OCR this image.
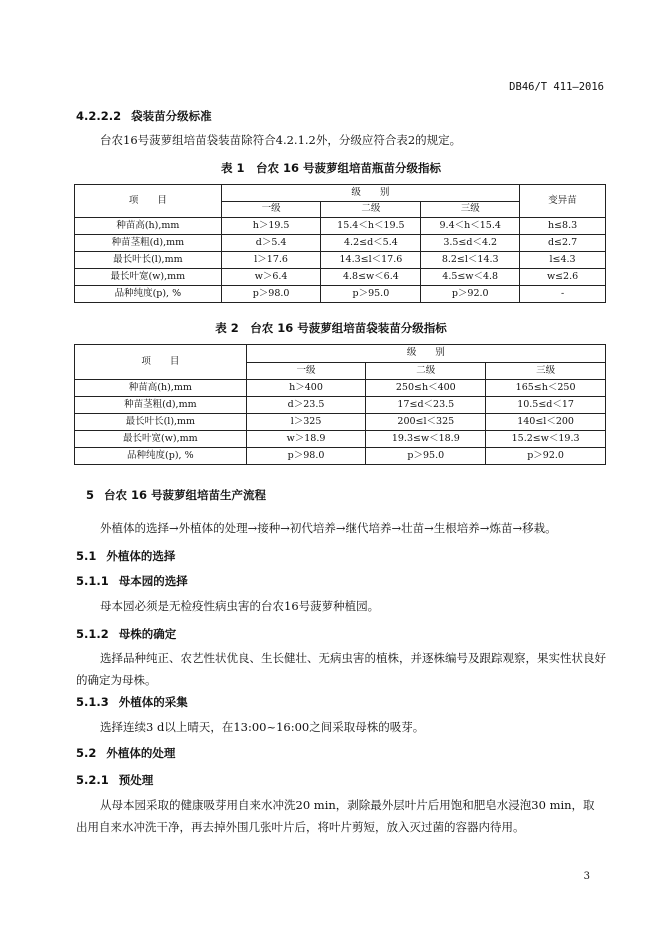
DB46/T 411—2016
4.2.2.2 袋装苗分级标准
台农16号菠萝组培苗袋装苗除符合4.2.1.2外，分级应符合表2的规定。
表 1　台农 16 号菠萝组培苗瓶苗分级指标
项　　目	级　　别			变异苗
	一级	二级	三级	
种苗高(h),mm	h＞19.5	15.4＜h＜19.5	9.4＜h＜15.4	h≤8.3
种苗茎粗(d),mm	d＞5.4	4.2≤d＜5.4	3.5≤d＜4.2	d≤2.7
最长叶长(l),mm	l＞17.6	14.3≤l＜17.6	8.2≤l＜14.3	l≤4.3
最长叶宽(w),mm	w＞6.4	4.8≤w＜6.4	4.5≤w＜4.8	w≤2.6
品种纯度(p), %	p＞98.0	p＞95.0	p＞92.0	-
表 2　台农 16 号菠萝组培苗袋装苗分级指标
项　　目	级　　别		
	一级	二级	三级
种苗高(h),mm	h＞400	250≤h＜400	165≤h＜250
种苗茎粗(d),mm	d＞23.5	17≤d＜23.5	10.5≤d＜17
最长叶长(l),mm	l＞325	200≤l＜325	140≤l＜200
最长叶宽(w),mm	w＞18.9	19.3≤w＜18.9	15.2≤w＜19.3
品种纯度(p), %	p＞98.0	p＞95.0	p＞92.0
5 台农 16 号菠萝组培苗生产流程
外植体的选择→外植体的处理→接种→初代培养→继代培养→壮苗→生根培养→炼苗→移栽。
5.1 外植体的选择
5.1.1 母本园的选择
母本园必须是无检疫性病虫害的台农16号菠萝种植园。
5.1.2 母株的确定
选择品种纯正、农艺性状优良、生长健壮、无病虫害的植株，并逐株编号及跟踪观察，果实性状良好的确定为母株。
5.1.3 外植体的采集
选择连续3 d以上晴天，在13:00~16:00之间采取母株的吸芽。
5.2 外植体的处理
5.2.1 预处理
从母本园采取的健康吸芽用自来水冲洗20 min，剥除最外层叶片后用饱和肥皂水浸泡30 min，取出用自来水冲洗干净，再去掉外围几张叶片后，将叶片剪短，放入灭过菌的容器内待用。
3
